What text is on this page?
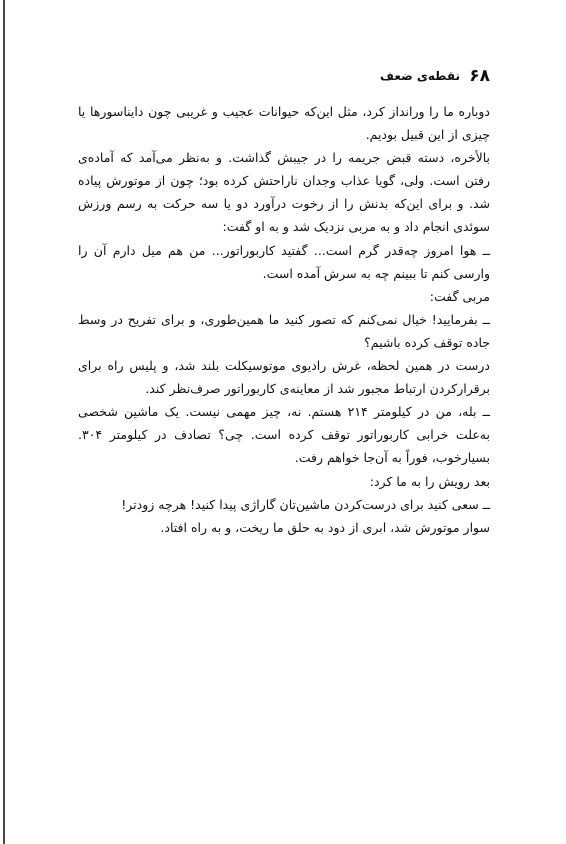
۶۸
نقطه‌ی ضعف

دوباره ما را ورانداز کرد، مثل این‌که حیوانات عجیب و غریبی چون دایناسورها یا چیزی از این قبیل بودیم.

بالأخره، دسته قبض جریمه را در جیبش گذاشت. و به‌نظر می‌آمد که آماده‌ی رفتن است. ولی، گویا عذاب وجدان ناراحتش کرده بود؛ چون از موتورش پیاده شد. و برای این‌که بدنش را از رخوت درآورد دو یا سه حرکت به رسم ورزش سوئدی انجام داد و به مربی نزدیک شد و به او گفت:

ــ هوا امروز چه‌قدر گرم است... گفتید کاربوراتور... من هم میل دارم آن را وارسی کنم تا ببینم چه به سرش آمده است.

مربی گفت:

ــ بفرمایید! خیال نمی‌کنم که تصور کنید ما همین‌طوری، و برای تفریح در وسط جاده توقف کرده باشیم؟

درست در همین لحظه، غرش رادیوی موتوسیکلت بلند شد، و پلیس راه برای برقرارکردن ارتباط مجبور شد از معاینه‌ی کاربوراتور صرف‌نظر کند.

ــ بله، من در کیلومتر ۲۱۴ هستم. نه، چیز مهمی نیست. یک ماشین شخصی به‌علت خرابی کاربوراتور توقف کرده است. چی؟ تصادف در کیلومتر ۳۰۴. بسیارخوب، فوراً به آن‌جا خواهم رفت.

بعد رویش را به ما کرد:

ــ سعی کنید برای درست‌کردن ماشین‌تان گاراژی پیدا کنید! هرچه زودتر!

سوار موتورش شد، ابری از دود به حلق ما ریخت، و به راه افتاد.
